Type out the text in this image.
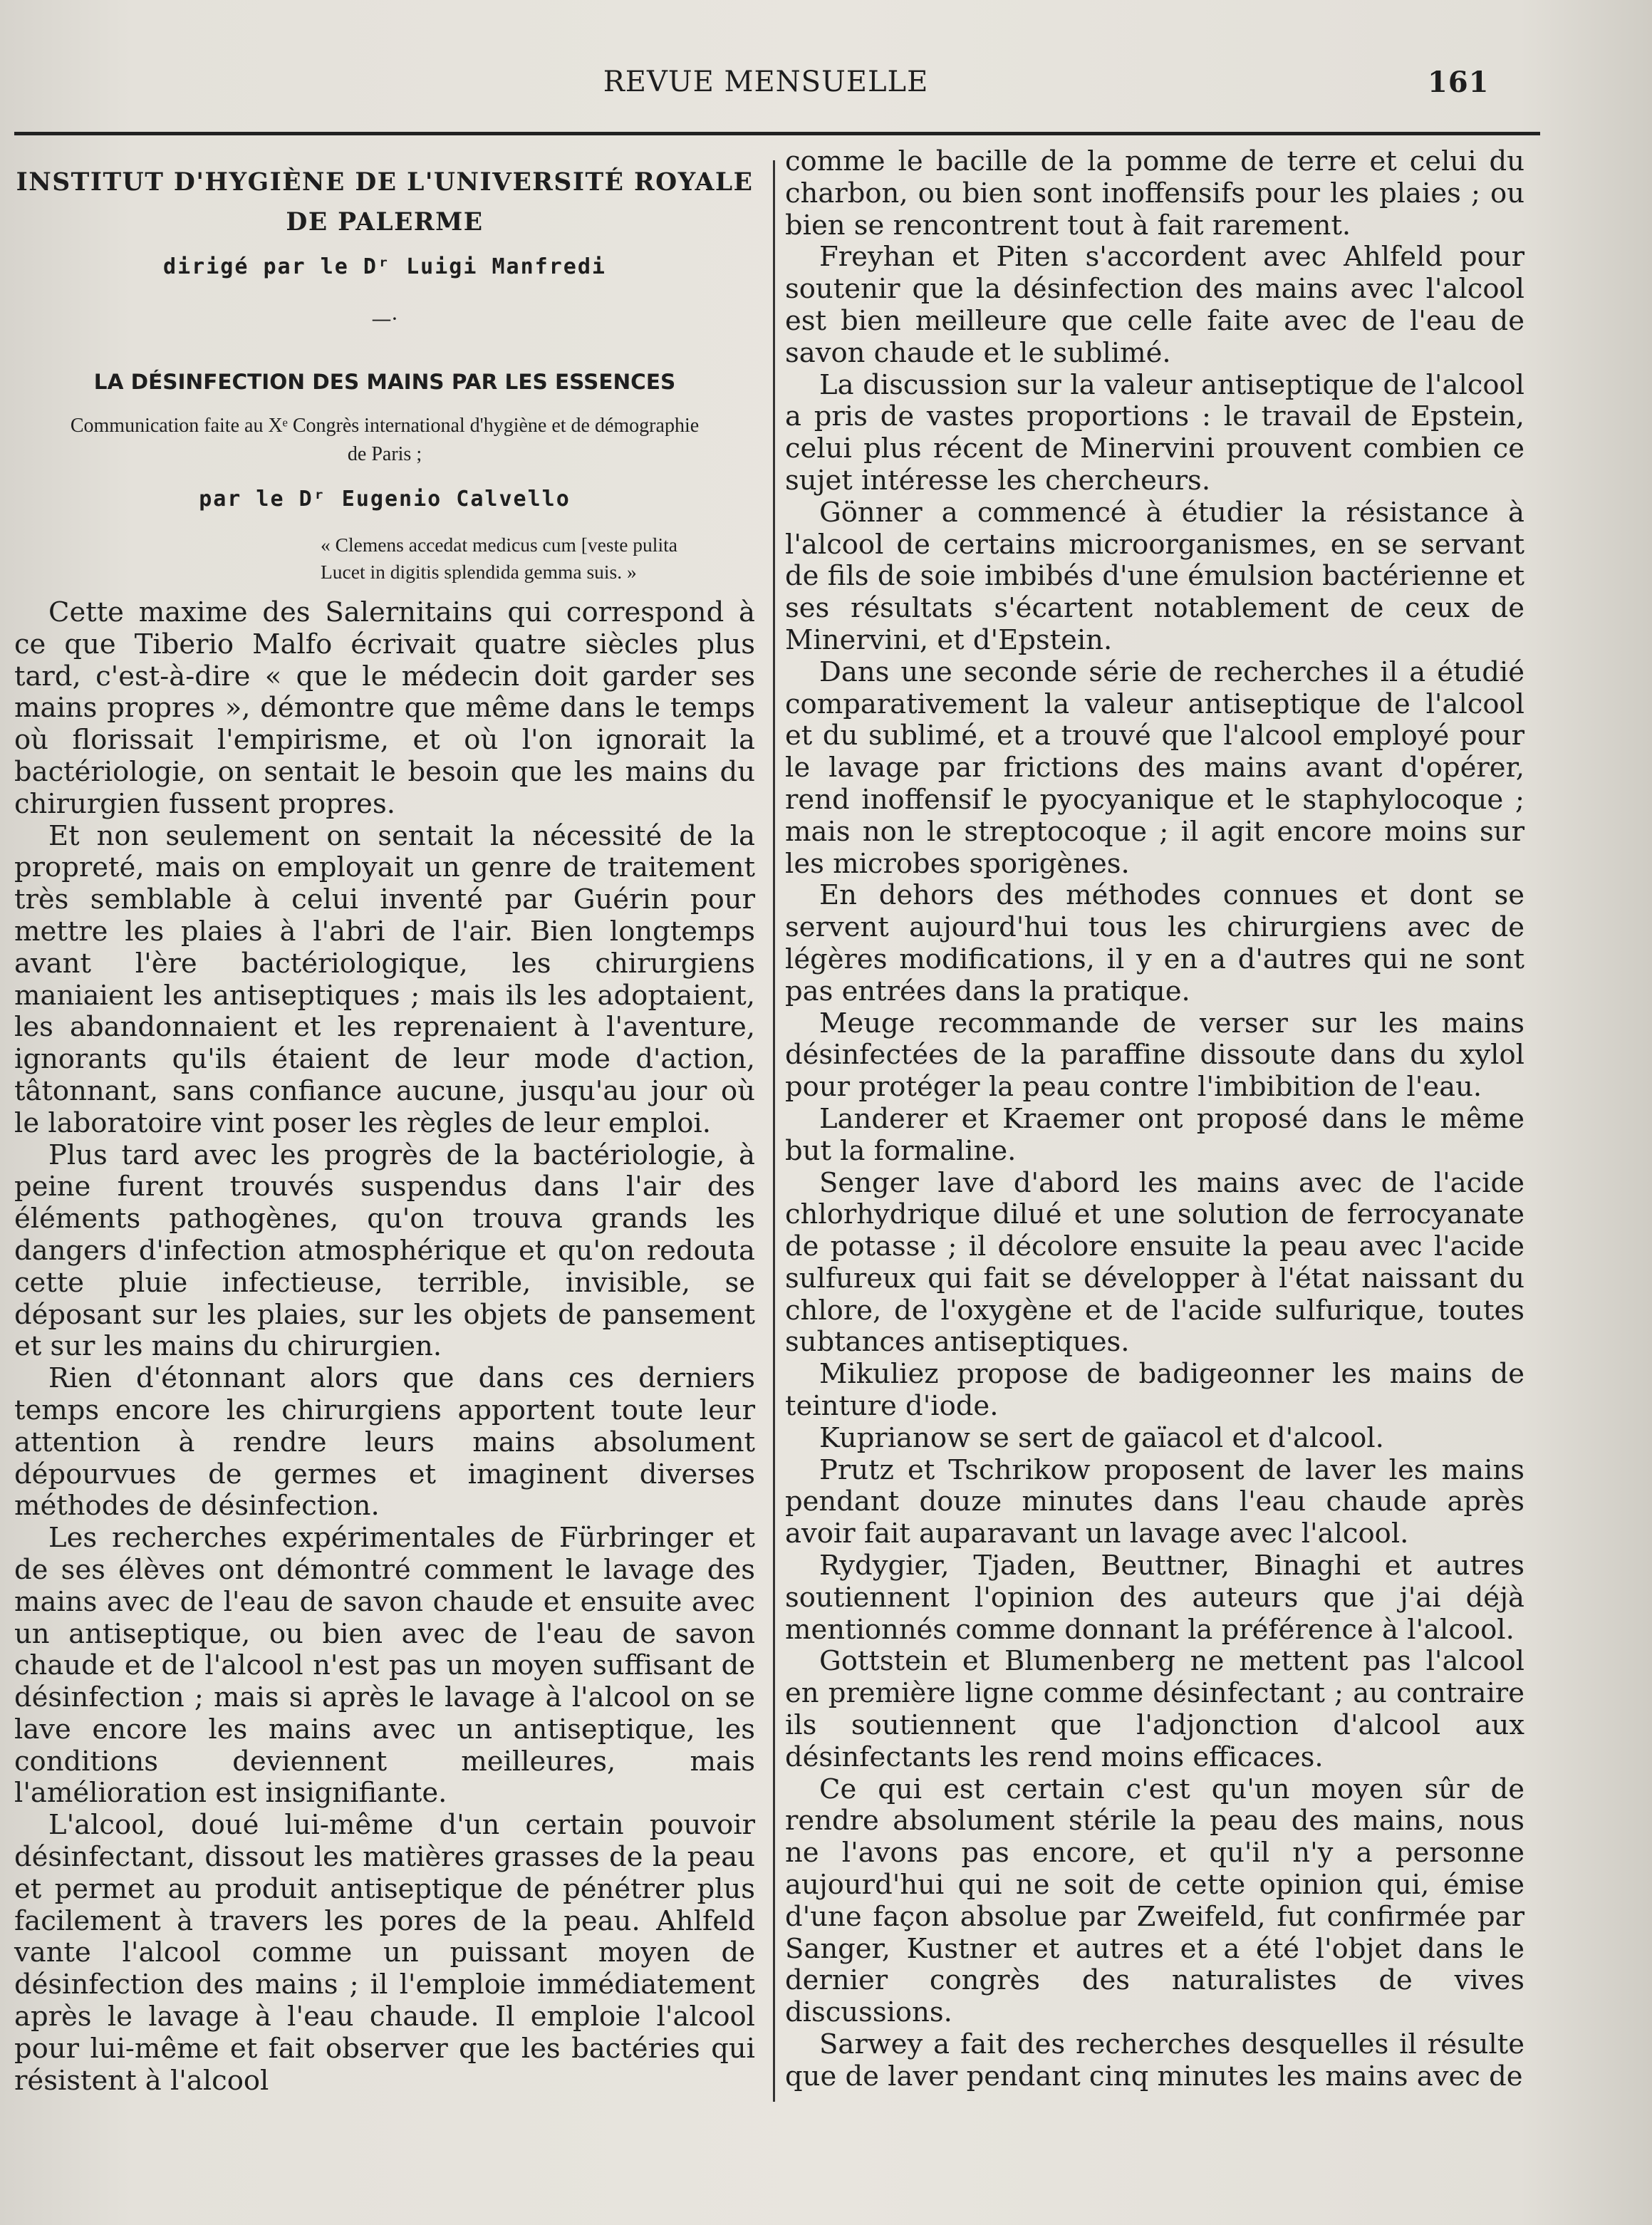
REVUE MENSUELLE	161
INSTITUT D'HYGIÈNE DE L'UNIVERSITÉ ROYALE
DE PALERME
dirigé par le Dʳ Luigi Manfredi
—·
LA DÉSINFECTION DES MAINS PAR LES ESSENCES
Communication faite au Xᵉ Congrès international d'hygiène et de démographie
de Paris ;
par le Dʳ Eugenio Calvello
« Clemens accedat medicus cum [veste pulita
Lucet in digitis splendida gemma suis. »

Cette maxime des Salernitains qui correspond à ce que Tiberio Malfo écrivait quatre siècles plus tard, c'est-à-dire « que le médecin doit garder ses mains propres », démontre que même dans le temps où florissait l'empirisme, et où l'on ignorait la bactériologie, on sentait le besoin que les mains du chirurgien fussent propres.

Et non seulement on sentait la nécessité de la propreté, mais on employait un genre de traitement très semblable à celui inventé par Guérin pour mettre les plaies à l'abri de l'air. Bien longtemps avant l'ère bactériologique, les chirurgiens maniaient les antiseptiques ; mais ils les adoptaient, les abandonnaient et les reprenaient à l'aventure, ignorants qu'ils étaient de leur mode d'action, tâtonnant, sans confiance aucune, jusqu'au jour où le laboratoire vint poser les règles de leur emploi.

Plus tard avec les progrès de la bactériologie, à peine furent trouvés suspendus dans l'air des éléments pathogènes, qu'on trouva grands les dangers d'infection atmosphérique et qu'on redouta cette pluie infectieuse, terrible, invisible, se déposant sur les plaies, sur les objets de pansement et sur les mains du chirurgien.

Rien d'étonnant alors que dans ces derniers temps encore les chirurgiens apportent toute leur attention à rendre leurs mains absolument dépourvues de germes et imaginent diverses méthodes de désinfection.

Les recherches expérimentales de Fürbringer et de ses élèves ont démontré comment le lavage des mains avec de l'eau de savon chaude et ensuite avec un antiseptique, ou bien avec de l'eau de savon chaude et de l'alcool n'est pas un moyen suffisant de désinfection ; mais si après le lavage à l'alcool on se lave encore les mains avec un antiseptique, les conditions deviennent meilleures, mais l'amélioration est insignifiante.

L'alcool, doué lui-même d'un certain pouvoir désinfectant, dissout les matières grasses de la peau et permet au produit antiseptique de pénétrer plus facilement à travers les pores de la peau. Ahlfeld vante l'alcool comme un puissant moyen de désinfection des mains ; il l'emploie immédiatement après le lavage à l'eau chaude. Il emploie l'alcool pour lui-même et fait observer que les bactéries qui résistent à l'alcool

comme le bacille de la pomme de terre et celui du charbon, ou bien sont inoffensifs pour les plaies ; ou bien se rencontrent tout à fait rarement.

Freyhan et Piten s'accordent avec Ahlfeld pour soutenir que la désinfection des mains avec l'alcool est bien meilleure que celle faite avec de l'eau de savon chaude et le sublimé.

La discussion sur la valeur antiseptique de l'alcool a pris de vastes proportions : le travail de Epstein, celui plus récent de Minervini prouvent combien ce sujet intéresse les chercheurs.

Gönner a commencé à étudier la résistance à l'alcool de certains microorganismes, en se servant de fils de soie imbibés d'une émulsion bactérienne et ses résultats s'écartent notablement de ceux de Minervini, et d'Epstein.

Dans une seconde série de recherches il a étudié comparativement la valeur antiseptique de l'alcool et du sublimé, et a trouvé que l'alcool employé pour le lavage par frictions des mains avant d'opérer, rend inoffensif le pyocyanique et le staphylocoque ; mais non le streptocoque ; il agit encore moins sur les microbes sporigènes.

En dehors des méthodes connues et dont se servent aujourd'hui tous les chirurgiens avec de légères modifications, il y en a d'autres qui ne sont pas entrées dans la pratique.

Meuge recommande de verser sur les mains désinfectées de la paraffine dissoute dans du xylol pour protéger la peau contre l'imbibition de l'eau.

Landerer et Kraemer ont proposé dans le même but la formaline.

Senger lave d'abord les mains avec de l'acide chlorhydrique dilué et une solution de ferrocyanate de potasse ; il décolore ensuite la peau avec l'acide sulfureux qui fait se développer à l'état naissant du chlore, de l'oxygène et de l'acide sulfurique, toutes subtances antiseptiques.

Mikuliez propose de badigeonner les mains de teinture d'iode.

Kuprianow se sert de gaïacol et d'alcool.

Prutz et Tschrikow proposent de laver les mains pendant douze minutes dans l'eau chaude après avoir fait auparavant un lavage avec l'alcool.

Rydygier, Tjaden, Beuttner, Binaghi et autres soutiennent l'opinion des auteurs que j'ai déjà mentionnés comme donnant la préférence à l'alcool.

Gottstein et Blumenberg ne mettent pas l'alcool en première ligne comme désinfectant ; au contraire ils soutiennent que l'adjonction d'alcool aux désinfectants les rend moins efficaces.

Ce qui est certain c'est qu'un moyen sûr de rendre absolument stérile la peau des mains, nous ne l'avons pas encore, et qu'il n'y a personne aujourd'hui qui ne soit de cette opinion qui, émise d'une façon absolue par Zweifeld, fut confirmée par Sanger, Kustner et autres et a été l'objet dans le dernier congrès des naturalistes de vives discussions.

Sarwey a fait des recherches desquelles il résulte que de laver pendant cinq minutes les mains avec de
